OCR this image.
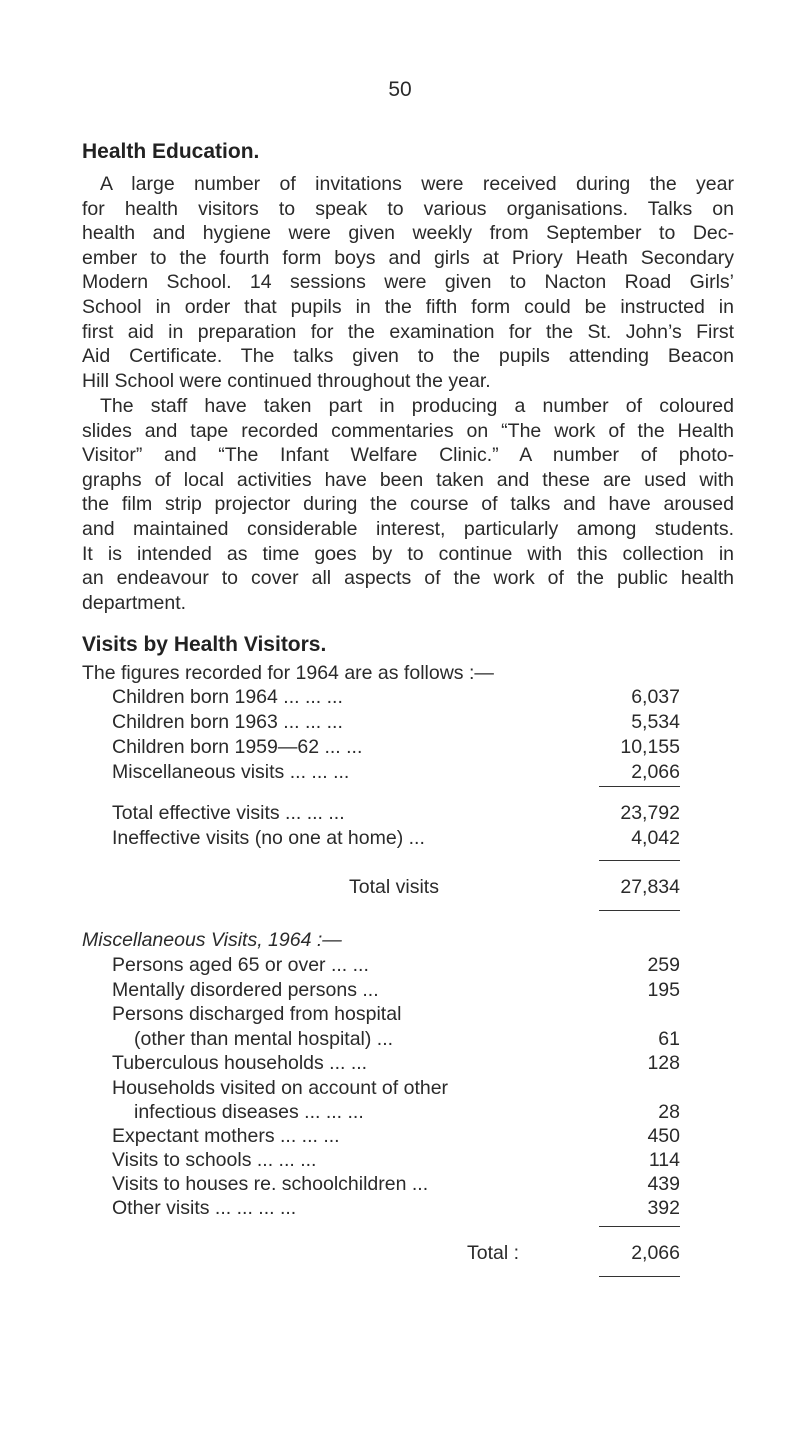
50
Health Education.
A large number of invitations were received during the year
for health visitors to speak to various organisations. Talks on
health and hygiene were given weekly from September to Dec-
ember to the fourth form boys and girls at Priory Heath Secondary
Modern School. 14 sessions were given to Nacton Road Girls’
School in order that pupils in the fifth form could be instructed in
first aid in preparation for the examination for the St. John’s First
Aid Certificate. The talks given to the pupils attending Beacon
Hill School were continued throughout the year.
The staff have taken part in producing a number of coloured
slides and tape recorded commentaries on “The work of the Health
Visitor” and “The Infant Welfare Clinic.” A number of photo-
graphs of local activities have been taken and these are used with
the film strip projector during the course of talks and have aroused
and maintained considerable interest, particularly among students.
It is intended as time goes by to continue with this collection in
an endeavour to cover all aspects of the work of the public health
department.
Visits by Health Visitors.
The figures recorded for 1964 are as follows :—
Children born 1964 ... ... ...	6,037
Children born 1963 ... ... ...	5,534
Children born 1959—62 ... ...	10,155
Miscellaneous visits ... ... ...	2,066
Total effective visits ... ... ...	23,792
Ineffective visits (no one at home) ...	4,042
Total visits	27,834
Miscellaneous Visits, 1964 :—
Persons aged 65 or over ... ...	259
Mentally disordered persons ...	195
Persons discharged from hospital
(other than mental hospital) ...	61
Tuberculous households ... ...	128
Households visited on account of other
infectious diseases ... ... ...	28
Expectant mothers ... ... ...	450
Visits to schools ... ... ...	114
Visits to houses re. schoolchildren ...	439
Other visits ... ... ... ...	392
Total :	2,066
